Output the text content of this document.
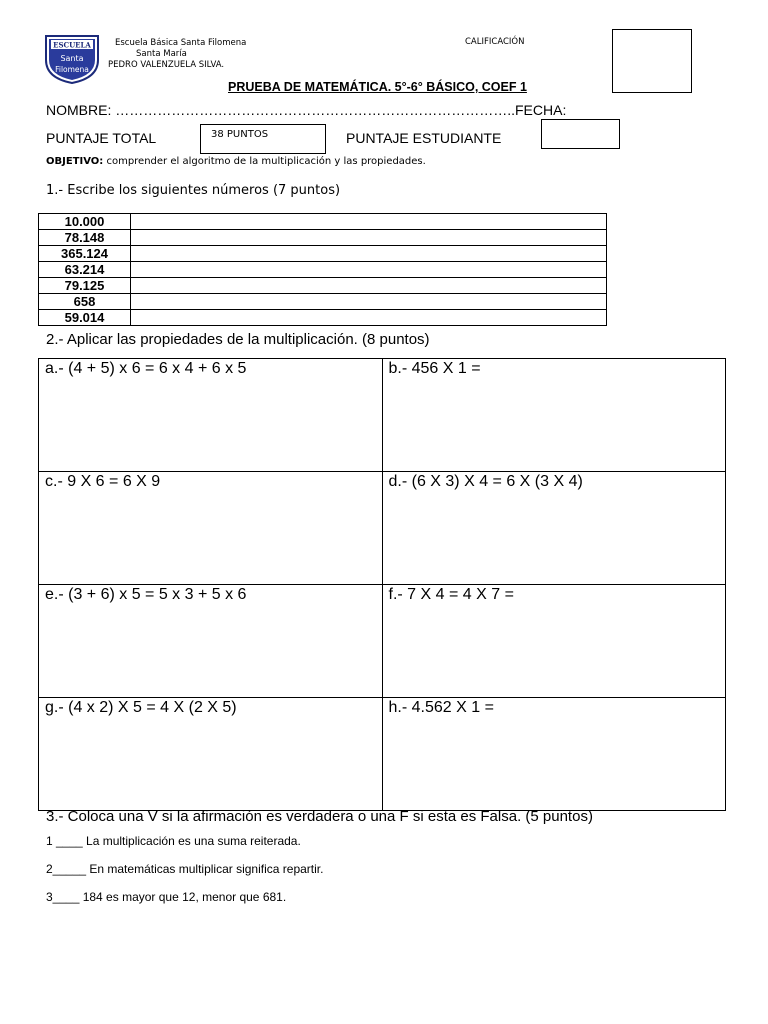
ESCUELA
Santa
Filomena
Escuela Básica Santa Filomena
Santa María
PEDRO VALENZUELA SILVA.
CALIFICACIÓN
PRUEBA DE MATEMÁTICA. 5°-6° BÁSICO, COEF 1
NOMBRE: …………………………………………………………………………..FECHA:
PUNTAJE TOTAL	38 PUNTOS	PUNTAJE ESTUDIANTE
OBJETIVO: comprender el algoritmo de la multiplicación y las propiedades.
1.- Escribe los siguientes números (7 puntos)
10.000	
78.148	
365.124	
63.214	
79.125	
658	
59.014	
2.- Aplicar las propiedades de la multiplicación. (8 puntos)
a.- (4 + 5) x 6 = 6 x 4 + 6 x 5	b.- 456 X 1 =
c.- 9 X 6 = 6 X 9	d.- (6 X 3) X 4 = 6 X (3 X 4)
e.- (3 + 6) x 5 = 5 x 3 + 5 x 6	f.- 7 X 4 = 4 X 7 =
g.- (4 x 2) X 5 = 4 X (2 X 5)	h.- 4.562 X 1 =
3.- Coloca una V si la afirmación es verdadera o una F si esta es Falsa. (5 puntos)
1 ____ La multiplicación es una suma reiterada.
2_____ En matemáticas multiplicar significa repartir.
3____ 184 es mayor que 12, menor que 681.
